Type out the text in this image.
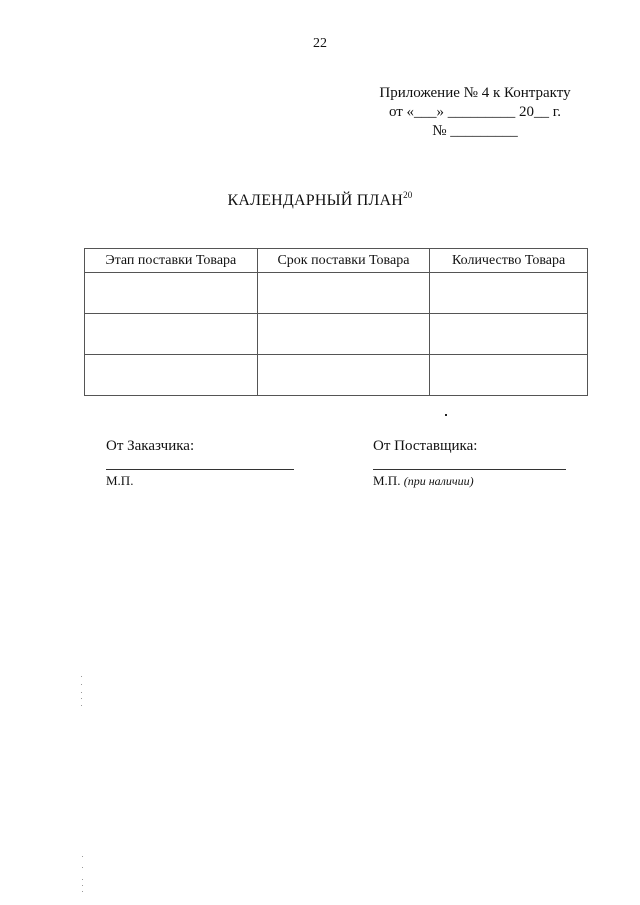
22
Приложение № 4 к Контракту
от «___» _________ 20__ г.
№ _________
КАЛЕНДАРНЫЙ ПЛАН$^{20}$
Этап поставки Товара	Срок поставки Товара	Количество Товара

От Заказчика:
М.П.
От Поставщика:
М.П. (при наличии)
